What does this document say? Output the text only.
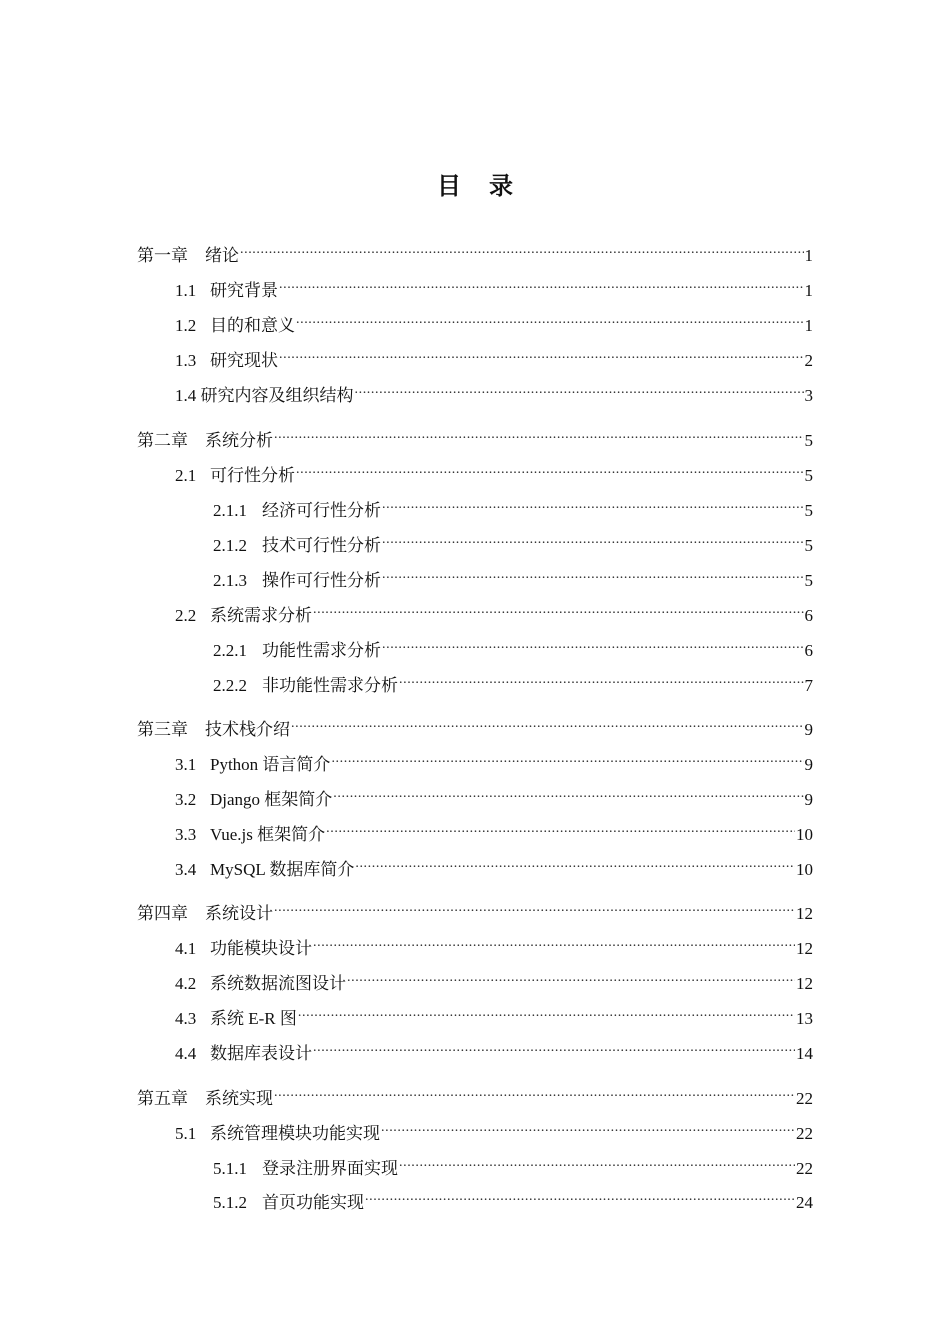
目 录
第一章 绪论 .....	1
1.1 研究背景 .....	1
1.2 目的和意义 .....	1
1.3 研究现状 .....	2
1.4 研究内容及组织结构 .....	3
第二章 系统分析 .....	5
2.1 可行性分析 .....	5
2.1.1 经济可行性分析 .....	5
2.1.2 技术可行性分析 .....	5
2.1.3 操作可行性分析 .....	5
2.2 系统需求分析 .....	6
2.2.1 功能性需求分析 .....	6
2.2.2 非功能性需求分析 .....	7
第三章 技术栈介绍 .....	9
3.1 Python 语言简介 .....	9
3.2 Django 框架简介 .....	9
3.3 Vue.js 框架简介 .....	10
3.4 MySQL 数据库简介 .....	10
第四章 系统设计 .....	12
4.1 功能模块设计 .....	12
4.2 系统数据流图设计 .....	12
4.3 系统 E-R 图 .....	13
4.4 数据库表设计 .....	14
第五章 系统实现 .....	22
5.1 系统管理模块功能实现 .....	22
5.1.1 登录注册界面实现 .....	22
5.1.2 首页功能实现 .....	24
